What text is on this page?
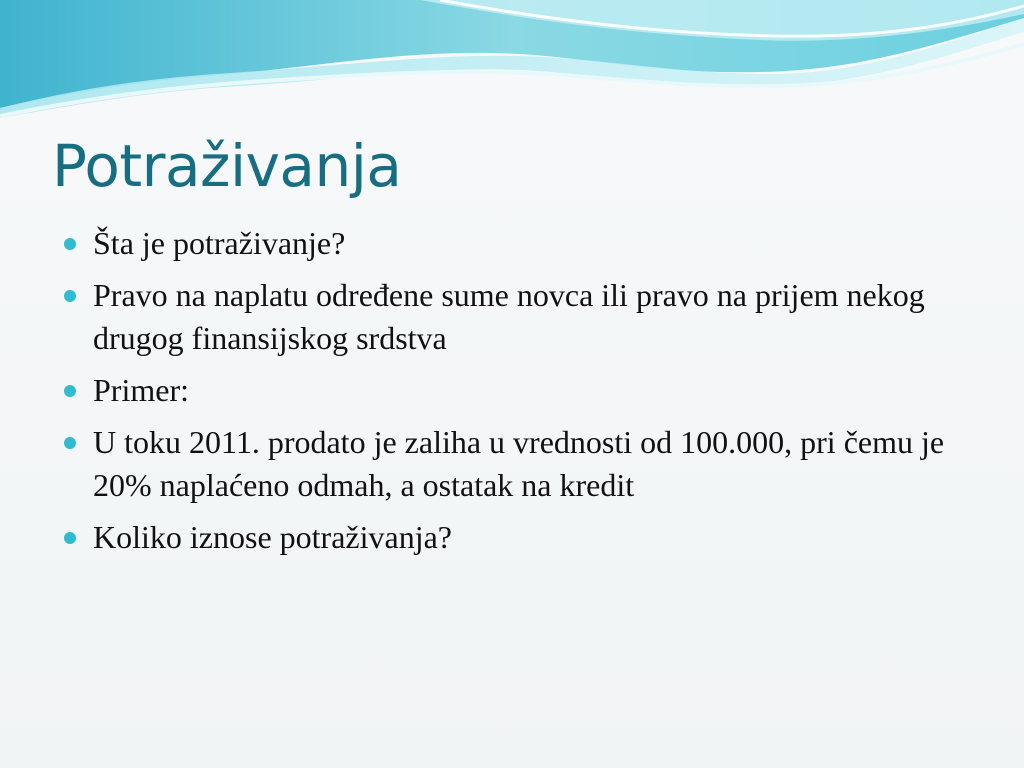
Potraživanja
Šta je potraživanje?
Pravo na naplatu određene sume novca ili pravo na prijem nekog drugog finansijskog srdstva
Primer:
U toku 2011. prodato je zaliha u vrednosti od 100.000, pri čemu je 20% naplaćeno odmah, a ostatak na kredit
Koliko iznose potraživanja?
